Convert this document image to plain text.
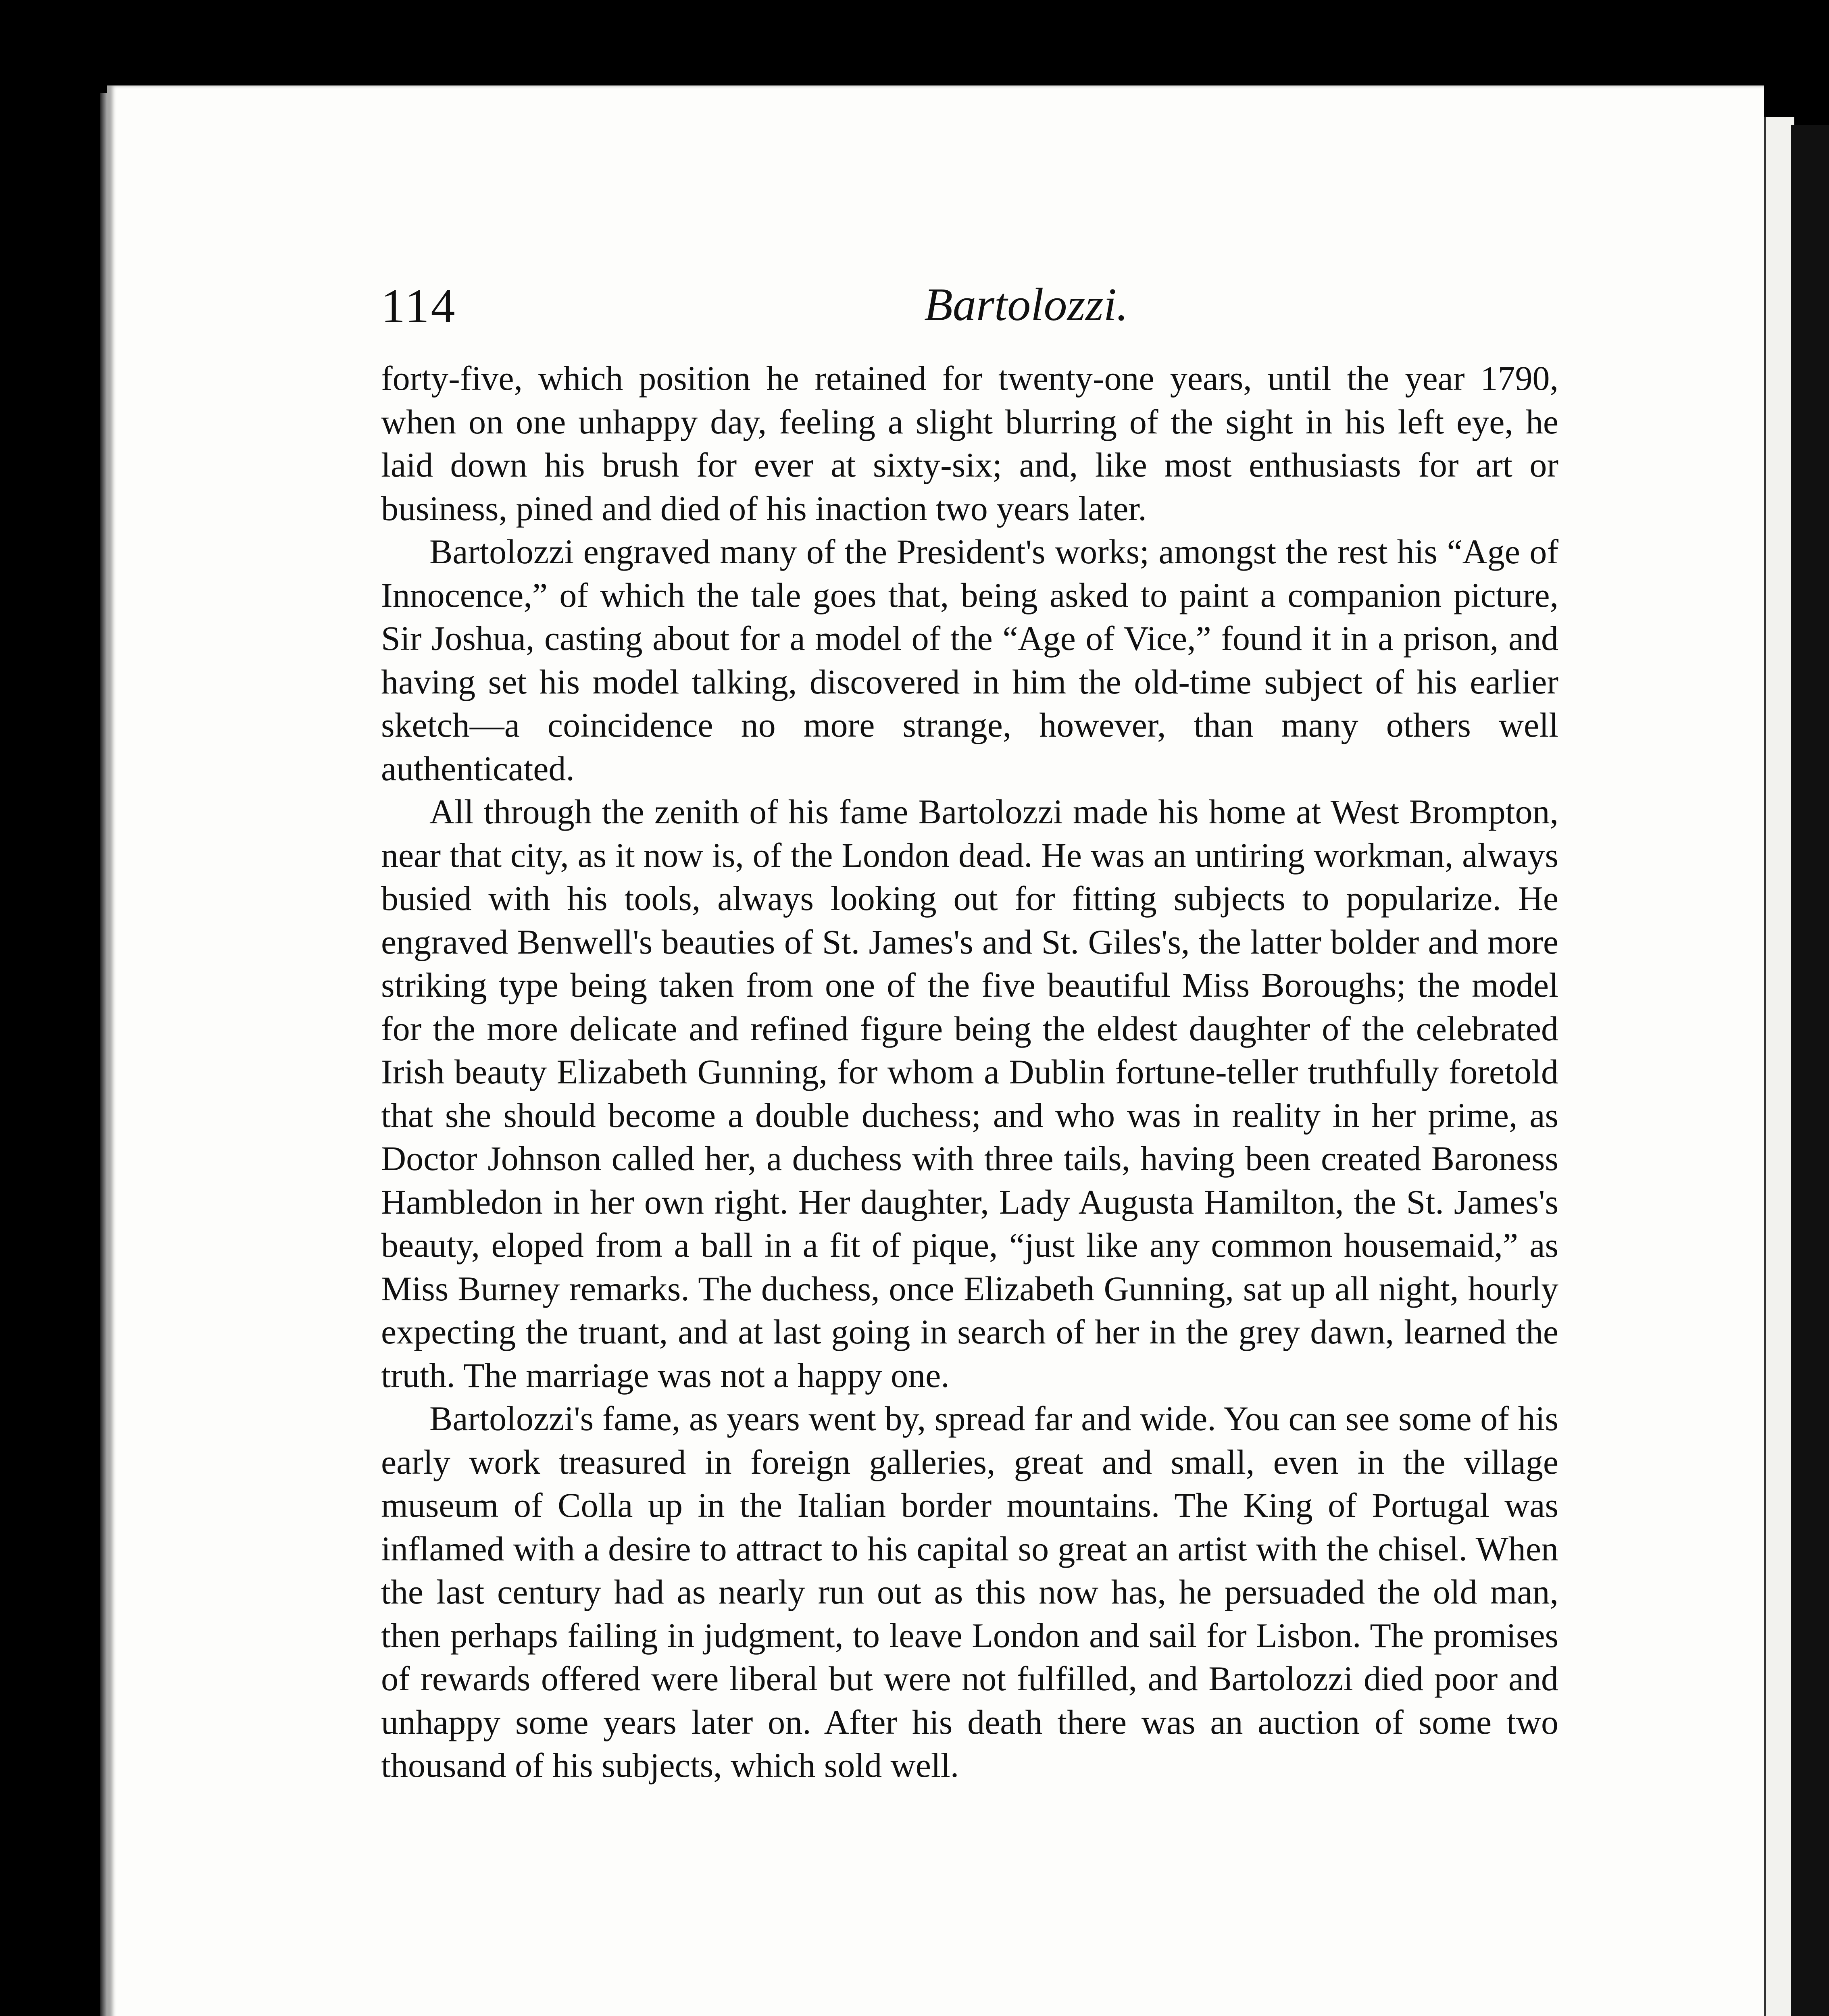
114	Bartolozzi.

forty-five, which position he retained for twenty-one years, until the year 1790, when on one unhappy day, feeling a slight blurring of the sight in his left eye, he laid down his brush for ever at sixty-six; and, like most enthusiasts for art or business, pined and died of his inaction two years later.

Bartolozzi engraved many of the President's works; amongst the rest his “Age of Innocence,” of which the tale goes that, being asked to paint a companion picture, Sir Joshua, casting about for a model of the “Age of Vice,” found it in a prison, and having set his model talking, discovered in him the old-time subject of his earlier sketch—a coincidence no more strange, however, than many others well authenticated.

All through the zenith of his fame Bartolozzi made his home at West Brompton, near that city, as it now is, of the London dead. He was an untiring workman, always busied with his tools, always looking out for fitting subjects to popularize. He engraved Benwell's beauties of St. James's and St. Giles's, the latter bolder and more striking type being taken from one of the five beautiful Miss Boroughs; the model for the more delicate and refined figure being the eldest daughter of the celebrated Irish beauty Elizabeth Gunning, for whom a Dublin fortune-teller truthfully foretold that she should become a double duchess; and who was in reality in her prime, as Doctor Johnson called her, a duchess with three tails, having been created Baroness Hambledon in her own right. Her daughter, Lady Augusta Hamilton, the St. James's beauty, eloped from a ball in a fit of pique, “just like any common housemaid,” as Miss Burney remarks. The duchess, once Elizabeth Gunning, sat up all night, hourly expecting the truant, and at last going in search of her in the grey dawn, learned the truth. The marriage was not a happy one.

Bartolozzi's fame, as years went by, spread far and wide. You can see some of his early work treasured in foreign galleries, great and small, even in the village museum of Colla up in the Italian border mountains. The King of Portugal was inflamed with a desire to attract to his capital so great an artist with the chisel. When the last century had as nearly run out as this now has, he persuaded the old man, then perhaps failing in judgment, to leave London and sail for Lisbon. The promises of rewards offered were liberal but were not fulfilled, and Bartolozzi died poor and unhappy some years later on. After his death there was an auction of some two thousand of his subjects, which sold well.
